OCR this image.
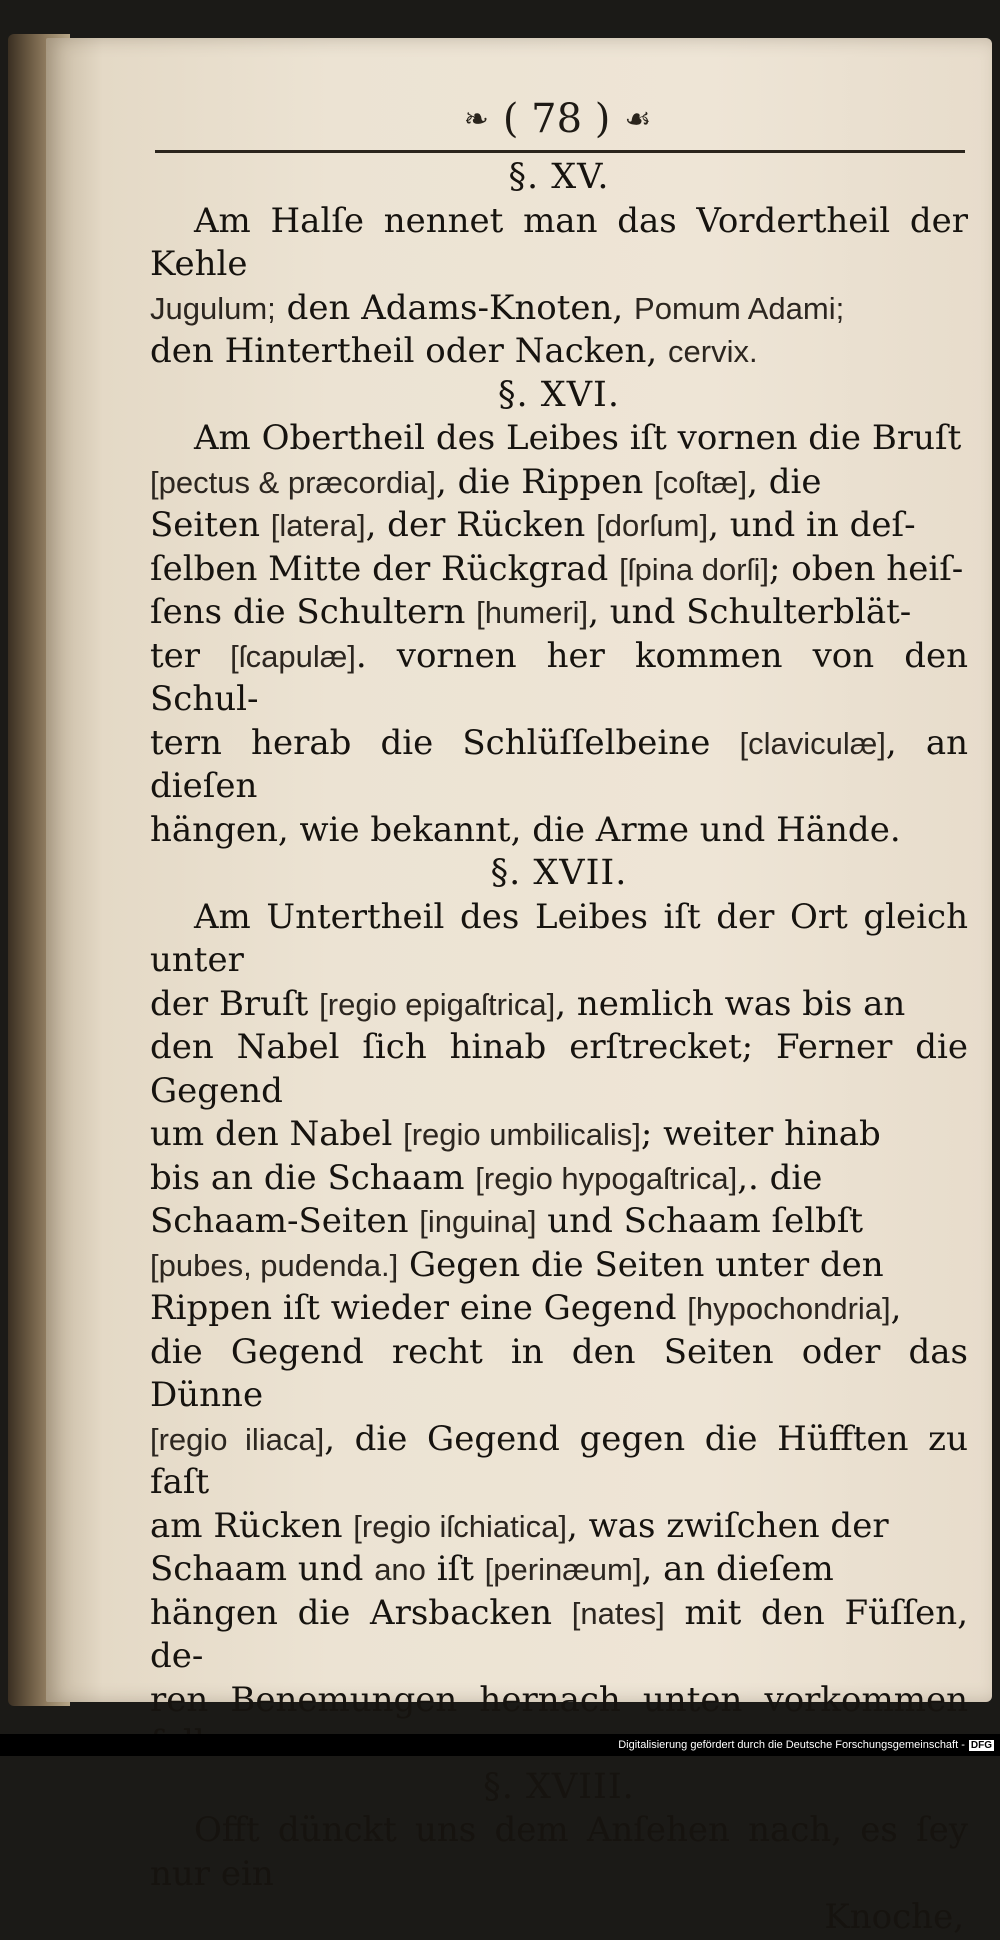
❧ ( 78 ) ☙

§. XV.

Am Halſe nennet man das Vordertheil der Kehle

Jugulum; den Adams-Knoten, Pomum Adami;

den Hintertheil oder Nacken, cervix.

§. XVI.

Am Obertheil des Leibes iſt vornen die Bruſt

[pectus & præcordia], die Rippen [coſtæ], die

Seiten [latera], der Rücken [dorſum], und in deſ-

ſelben Mitte der Rückgrad [ſpina dorſi]; oben heiſ-

ſens die Schultern [humeri], und Schulterblät-

ter [ſcapulæ]. vornen her kommen von den Schul-

tern herab die Schlüſſelbeine [claviculæ], an dieſen

hängen, wie bekannt, die Arme und Hände.

§. XVII.

Am Untertheil des Leibes iſt der Ort gleich unter

der Bruſt [regio epigaſtrica], nemlich was bis an

den Nabel ſich hinab erſtrecket; Ferner die Gegend

um den Nabel [regio umbilicalis]; weiter hinab

bis an die Schaam [regio hypogaſtrica],. die

Schaam-Seiten [inguina] und Schaam ſelbſt

[pubes, pudenda.] Gegen die Seiten unter den

Rippen iſt wieder eine Gegend [hypochondria],

die Gegend recht in den Seiten oder das Dünne

[regio iliaca], die Gegend gegen die Hüfften zu faſt

am Rücken [regio iſchiatica], was zwiſchen der

Schaam und ano iſt [perinæum], an dieſem

hängen die Arsbacken [nates] mit den Füſſen, de-

ren Benemungen hernach unten vorkommen

§. XVIII.

Offt dünckt uns dem Anſehen nach, es ſey nur ein

Knoche,

Digitalisierung gefördert durch die Deutsche Forschungsgemeinschaft - DFG
